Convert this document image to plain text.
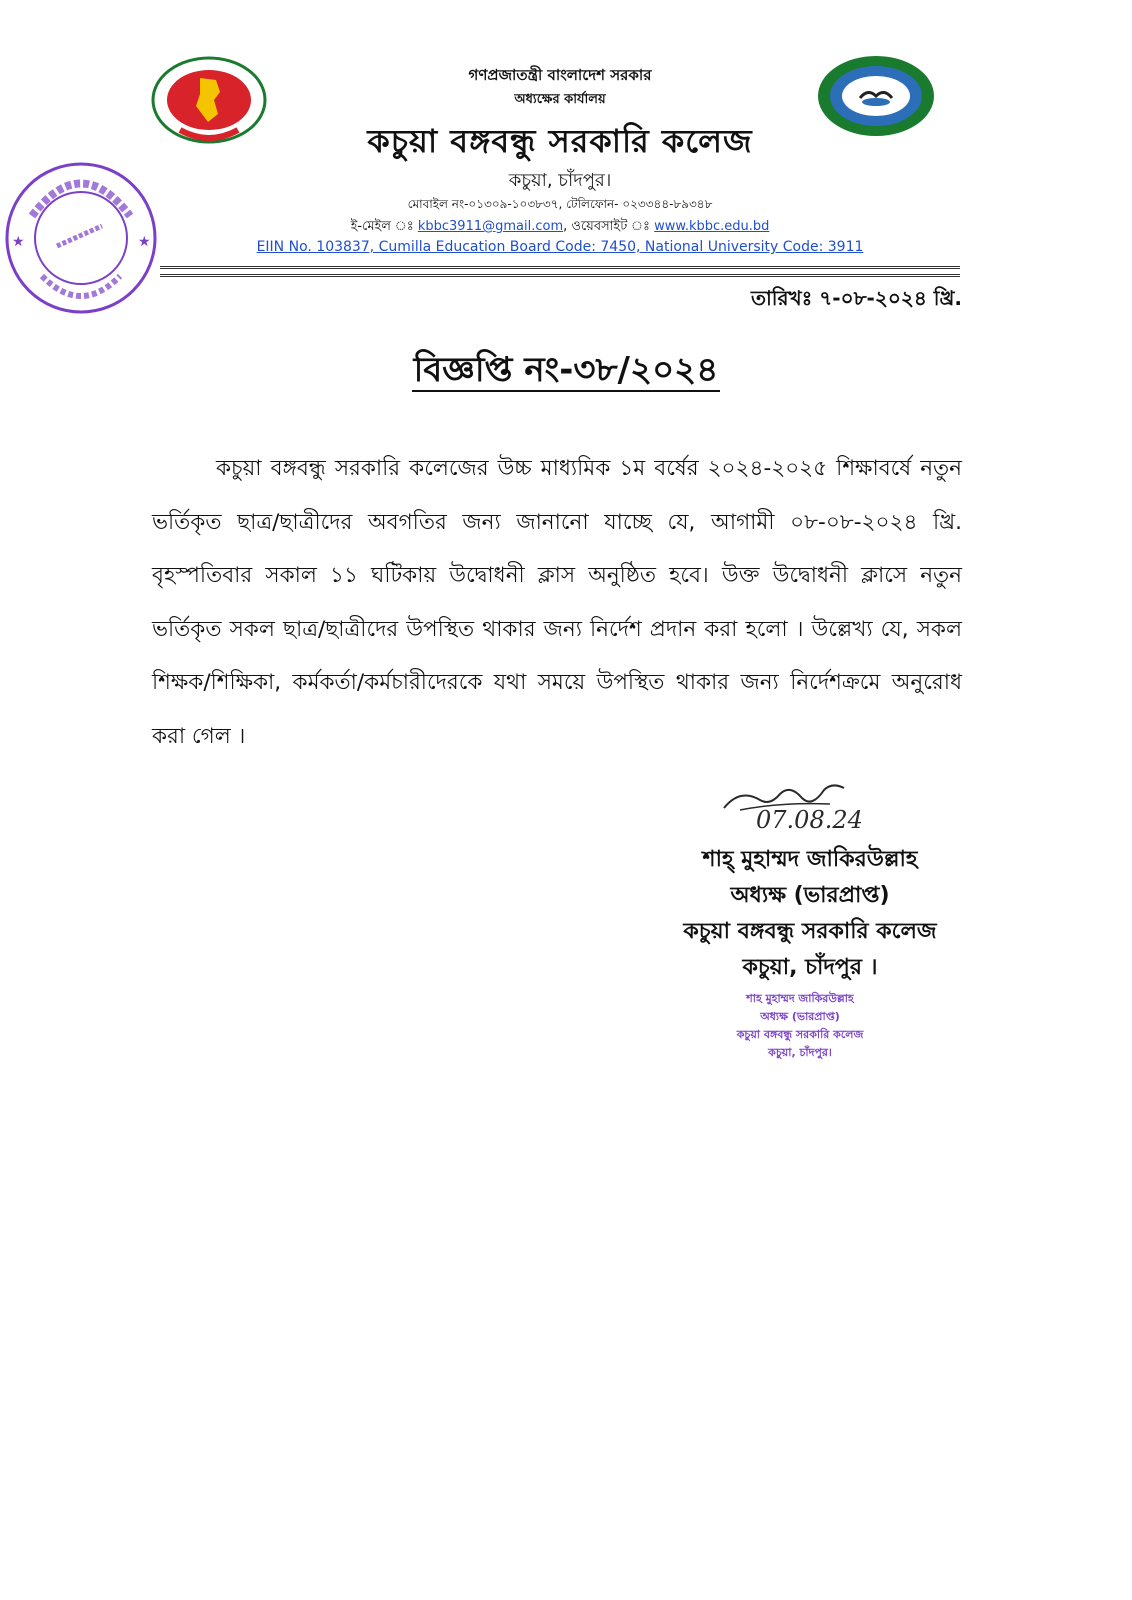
★	★
গণপ্রজাতন্ত্রী বাংলাদেশ সরকার
অধ্যক্ষের কার্যালয়
কচুয়া বঙ্গবন্ধু সরকারি কলেজ
কচুয়া, চাঁদপুর।
মোবাইল নং-০১৩০৯-১০৩৮৩৭, টেলিফোন- ০২৩৩৪৪-৮৯৩৪৮
ই-মেইল ঃ kbbc3911@gmail.com, ওয়েবসাইট ঃ www.kbbc.edu.bd
EIIN No. 103837, Cumilla Education Board Code: 7450, National University Code: 3911
তারিখঃ ৭-০৮-২০২৪ খ্রি.
বিজ্ঞপ্তি নং-৩৮/২০২৪
কচুয়া বঙ্গবন্ধু সরকারি কলেজের উচ্চ মাধ্যমিক ১ম বর্ষের ২০২৪-২০২৫ শিক্ষাবর্ষে নতুন ভর্তিকৃত ছাত্র/ছাত্রীদের অবগতির জন্য জানানো যাচ্ছে যে, আগামী ০৮-০৮-২০২৪ খ্রি. বৃহস্পতিবার সকাল ১১ ঘটিকায় উদ্বোধনী ক্লাস অনুষ্ঠিত হবে। উক্ত উদ্বোধনী ক্লাসে নতুন ভর্তিকৃত সকল ছাত্র/ছাত্রীদের উপস্থিত থাকার জন্য নির্দেশ প্রদান করা হলো । উল্লেখ্য যে, সকল শিক্ষক/শিক্ষিকা, কর্মকর্তা/কর্মচারীদেরকে যথা সময়ে উপস্থিত থাকার জন্য নির্দেশক্রমে অনুরোধ করা গেল ।
07.08.24
শাহ্ মুহাম্মদ জাকিরউল্লাহ
অধ্যক্ষ (ভারপ্রাপ্ত)
কচুয়া বঙ্গবন্ধু সরকারি কলেজ
কচুয়া, চাঁদপুর ।
শাহ মুহাম্মদ জাকিরউল্লাহ
অধ্যক্ষ (ভারপ্রাপ্ত)
কচুয়া বঙ্গবন্ধু সরকারি কলেজ
কচুয়া, চাঁদপুর।
